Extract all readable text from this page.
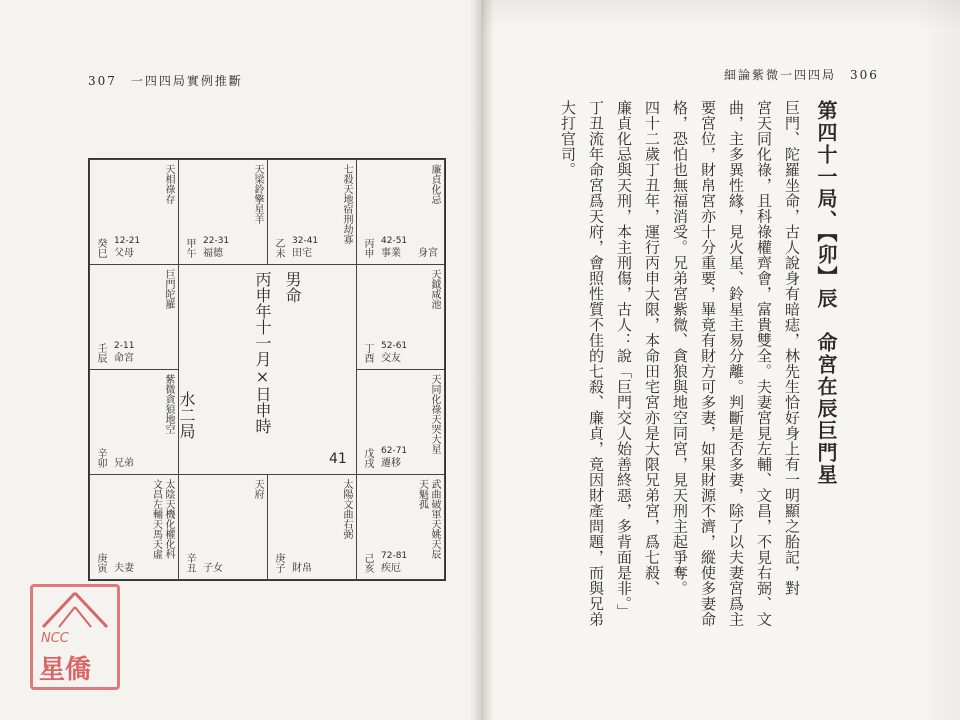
307　一四四局實例推斷	細論紫微一四四局　306
天相祿存
癸巳 12-21
父母
天梁鈴擎星羊
甲午 22-31
福德
七殺天地宿刑劫寡
乙未 32-41
田宅
廉貞化忌
丙申 42-51
事業 身宮
巨門陀羅
壬辰 2-11
命宮
紫微貪狼地空
辛卯 兄弟
天鉞咸池
丁酉 52-61
交友
天同化祿天哭大星
戊戌 62-71
遷移
太陰天機化權化科文昌左輔天馬天虛
庚寅 夫妻
天府
辛丑 子女
太陽文曲右弼
庚子 財帛
武曲破軍天姚天辰天魁孤
己亥 72-81
疾厄
男命
丙申年十一月×日申時
水二局
41	第四十一局、【卯】辰　命宮在辰巨門星
巨門、陀羅坐命，古人說身有暗痣，林先生恰好身上有一明顯之胎記，對
宮天同化祿，且科祿權齊會，富貴雙全。夫妻宮見左輔、文昌，不見右弼、文
曲，主多異性緣，見火星、鈴星主易分離。判斷是否多妻，除了以夫妻宮爲主
要宮位，財帛宮亦十分重要，畢竟有財方可多妻，如果財源不濟，縱使多妻命
格，恐怕也無福消受。兄弟宮紫微、貪狼與地空同宮，見天刑主起爭奪。
四十二歲丁丑年，運行丙申大限，本命田宅宮亦是大限兄弟宮，爲七殺、
廉貞化忌與天刑，本主刑傷，古人：說「巨門交人始善終惡，多背面是非。」
丁丑流年命宮爲天府，會照性質不佳的七殺、廉貞，竟因財產問題，而與兄弟
大打官司。
NCC
星僑
